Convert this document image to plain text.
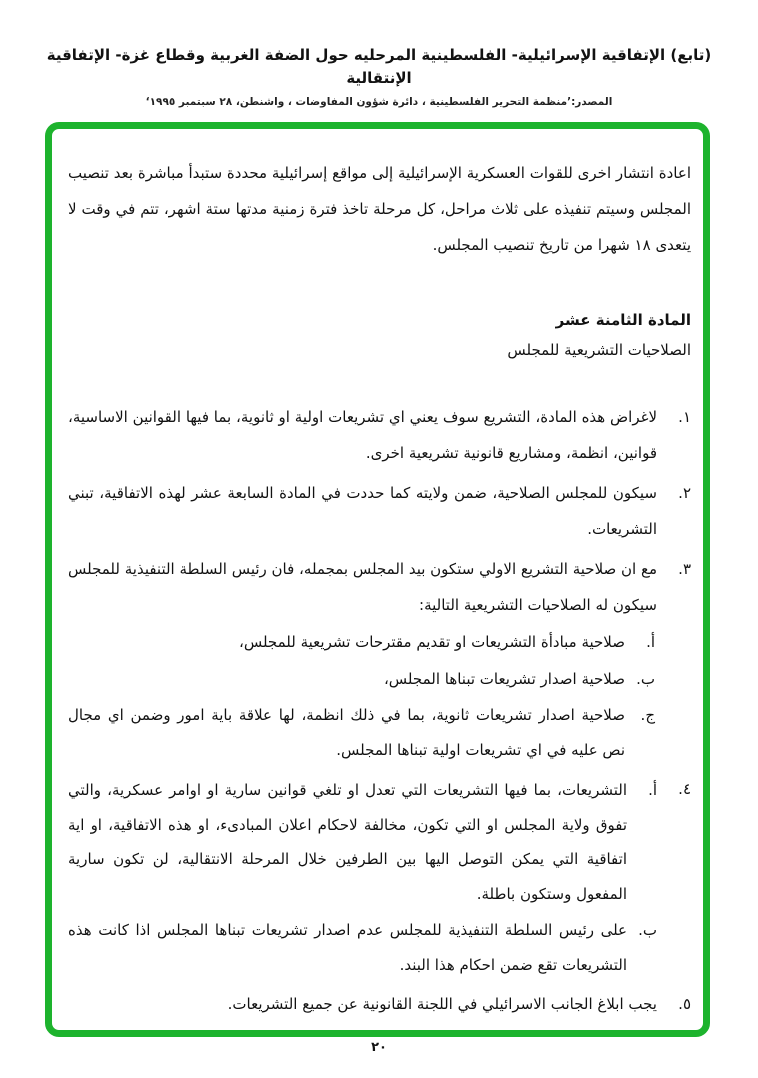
(تابع) الإتفاقية الإسرائيلية- الفلسطينية المرحليه حول الضفة الغربية وقطاع غزة- الإتفاقية الإنتقالية
المصدر:’منظمة التحرير الفلسطينية ، دائرة شؤون المفاوضات ، واشنطن، ٢٨ سبتمبر ١٩٩٥‘

اعادة انتشار اخرى للقوات العسكرية الإسرائيلية إلى مواقع إسرائيلية محددة ستبدأ مباشرة بعد تنصيب المجلس وسيتم تنفيذه على ثلاث مراحل، كل مرحلة تاخذ فترة زمنية مدتها ستة اشهر، تتم في وقت لا يتعدى ١٨ شهرا من تاريخ تنصيب المجلس.

المادة الثامنة عشر
الصلاحيات التشريعية للمجلس
١.
لاغراض هذه المادة، التشريع سوف يعني اي تشريعات اولية او ثانوية، بما فيها القوانين الاساسية، قوانين، انظمة، ومشاريع قانونية تشريعية اخرى.
٢.
سيكون للمجلس الصلاحية، ضمن ولايته كما حددت في المادة السابعة عشر لهذه الاتفاقية، تبني التشريعات.
٣.
مع ان صلاحية التشريع الاولي ستكون بيد المجلس بمجمله، فان رئيس السلطة التنفيذية للمجلس سيكون له الصلاحيات التشريعية التالية:
أ.
صلاحية مبادأة التشريعات او تقديم مقترحات تشريعية للمجلس،
ب.
صلاحية اصدار تشريعات تبناها المجلس،
ج.
صلاحية اصدار تشريعات ثانوية، بما في ذلك انظمة، لها علاقة باية امور وضمن اي مجال نص عليه في اي تشريعات اولية تبناها المجلس.
٤.
أ.
التشريعات، بما فيها التشريعات التي تعدل او تلغي قوانين سارية او اوامر عسكرية، والتي تفوق ولاية المجلس او التي تكون، مخالفة لاحكام اعلان المبادىء، او هذه الاتفاقية، او اية اتفاقية التي يمكن التوصل اليها بين الطرفين خلال المرحلة الانتقالية، لن تكون سارية المفعول وستكون باطلة.
ب.
على رئيس السلطة التنفيذية للمجلس عدم اصدار تشريعات تبناها المجلس اذا كانت هذه التشريعات تقع ضمن احكام هذا البند.
٥.
يجب ابلاغ الجانب الاسرائيلي في اللجنة القانونية عن جميع التشريعات.
٢٠
